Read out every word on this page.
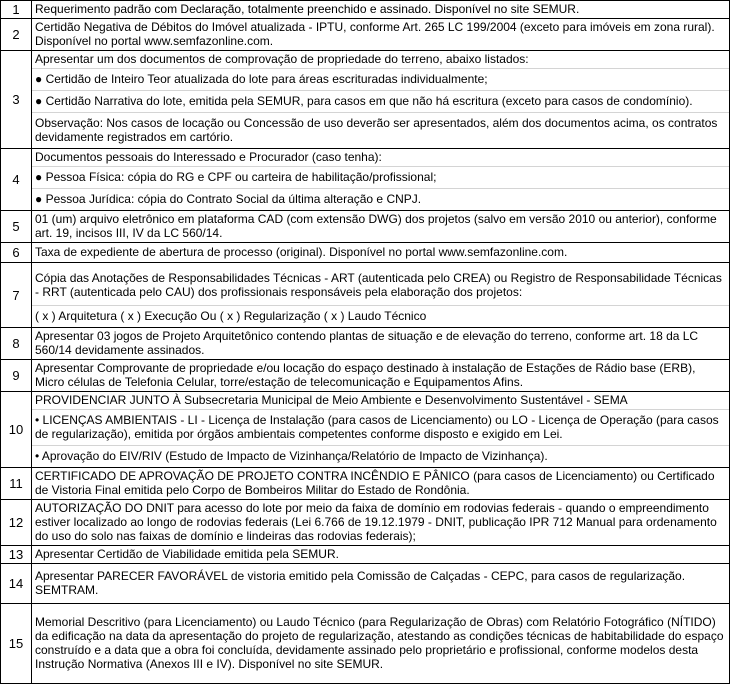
1	Requerimento padrão com Declaração, totalmente preenchido e assinado. Disponível no site SEMUR.

2	Certidão Negativa de Débitos do Imóvel atualizada - IPTU, conforme Art. 265 LC 199/2004 (exceto para imóveis em zona rural). Disponível no portal www.semfazonline.com.

3	Apresentar um dos documentos de comprovação de propriedade do terreno, abaixo listados:
● Certidão de Inteiro Teor atualizada do lote para áreas escrituradas individualmente;
● Certidão Narrativa do lote, emitida pela SEMUR, para casos em que não há escritura (exceto para casos de condomínio).
Observação: Nos casos de locação ou Concessão de uso deverão ser apresentados, além dos documentos acima, os contratos devidamente registrados em cartório.

4	Documentos pessoais do Interessado e Procurador (caso tenha):
● Pessoa Física: cópia do RG e CPF ou carteira de habilitação/profissional;
● Pessoa Jurídica: cópia do Contrato Social da última alteração e CNPJ.

5	01 (um) arquivo eletrônico em plataforma CAD (com extensão DWG) dos projetos (salvo em versão 2010 ou anterior), conforme art. 19, incisos III, IV da LC 560/14.

6	Taxa de expediente de abertura de processo (original). Disponível no portal www.semfazonline.com.

7	Cópia das Anotações de Responsabilidades Técnicas - ART (autenticada pelo CREA) ou Registro de Responsabilidade Técnicas - RRT (autenticada pelo CAU) dos profissionais responsáveis pela elaboração dos projetos:
( x ) Arquitetura ( x ) Execução Ou ( x ) Regularização ( x ) Laudo Técnico

8	Apresentar 03 jogos de Projeto Arquitetônico contendo plantas de situação e de elevação do terreno, conforme art. 18 da LC 560/14 devidamente assinados.

9	Apresentar Comprovante de propriedade e/ou locação do espaço destinado à instalação de Estações de Rádio base (ERB), Micro células de Telefonia Celular, torre/estação de telecomunicação e Equipamentos Afins.

10	PROVIDENCIAR JUNTO À Subsecretaria Municipal de Meio Ambiente e Desenvolvimento Sustentável - SEMA
• LICENÇAS AMBIENTAIS - LI - Licença de Instalação (para casos de Licenciamento) ou LO - Licença de Operação (para casos de regularização), emitida por órgãos ambientais competentes conforme disposto e exigido em Lei.
• Aprovação do EIV/RIV (Estudo de Impacto de Vizinhança/Relatório de Impacto de Vizinhança).

11	CERTIFICADO DE APROVAÇÃO DE PROJETO CONTRA INCÊNDIO E PÂNICO (para casos de Licenciamento) ou Certificado de Vistoria Final emitida pelo Corpo de Bombeiros Militar do Estado de Rondônia.

12	AUTORIZAÇÃO DO DNIT para acesso do lote por meio da faixa de domínio em rodovias federais - quando o empreendimento estiver localizado ao longo de rodovias federais (Lei 6.766 de 19.12.1979 - DNIT, publicação IPR 712 Manual para ordenamento do uso do solo nas faixas de domínio e lindeiras das rodovias federais);

13	Apresentar Certidão de Viabilidade emitida pela SEMUR.

14	Apresentar PARECER FAVORÁVEL de vistoria emitido pela Comissão de Calçadas - CEPC, para casos de regularização. SEMTRAM.

15	Memorial Descritivo (para Licenciamento) ou Laudo Técnico (para Regularização de Obras) com Relatório Fotográfico (NÍTIDO) da edificação na data da apresentação do projeto de regularização, atestando as condições técnicas de habitabilidade do espaço construído e a data que a obra foi concluída, devidamente assinado pelo proprietário e profissional, conforme modelos desta Instrução Normativa (Anexos III e IV). Disponível no site SEMUR.
